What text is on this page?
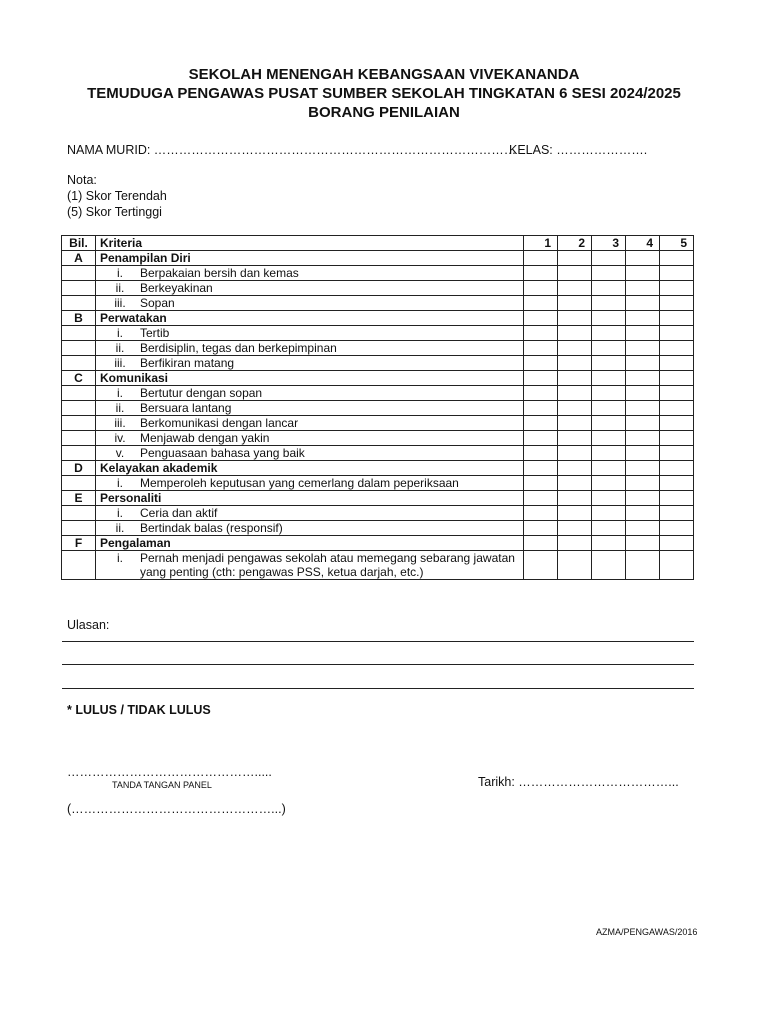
SEKOLAH MENENGAH KEBANGSAAN VIVEKANANDA
TEMUDUGA PENGAWAS PUSAT SUMBER SEKOLAH TINGKATAN 6 SESI 2024/2025
BORANG PENILAIAN
NAMA MURID: ……………………………………………………………………………
KELAS: ………………….
Nota:
(1) Skor Terendah
(5) Skor Tertinggi
Bil.	Kriteria	1	2	3	4	5
A	Penampilan Diri					

	i. Berpakaian bersih dan kemas					

	ii. Berkeyakinan					

	iii. Sopan					

B	Perwatakan					

	i. Tertib					

	ii. Berdisiplin, tegas dan berkepimpinan					

	iii. Berfikiran matang					

C	Komunikasi					

	i. Bertutur dengan sopan					

	ii. Bersuara lantang					

	iii. Berkomunikasi dengan lancar					

	iv. Menjawab dengan yakin					

	v. Penguasaan bahasa yang baik					

D	Kelayakan akademik					

	i. Memperoleh keputusan yang cemerlang dalam peperiksaan					

E	Personaliti					

	i. Ceria dan aktif					

	ii. Bertindak balas (responsif)					

F	Pengalaman					

	i. Pernah menjadi pengawas sekolah atau memegang sebarang jawatan
yang penting (cth: pengawas PSS, ketua darjah, etc.)					

Ulasan:
* LULUS / TIDAK LULUS
……………………………………….....
TANDA TANGAN PANEL	Tarikh: ………………………………...
(…………………………………………...)
AZMA/PENGAWAS/2016
